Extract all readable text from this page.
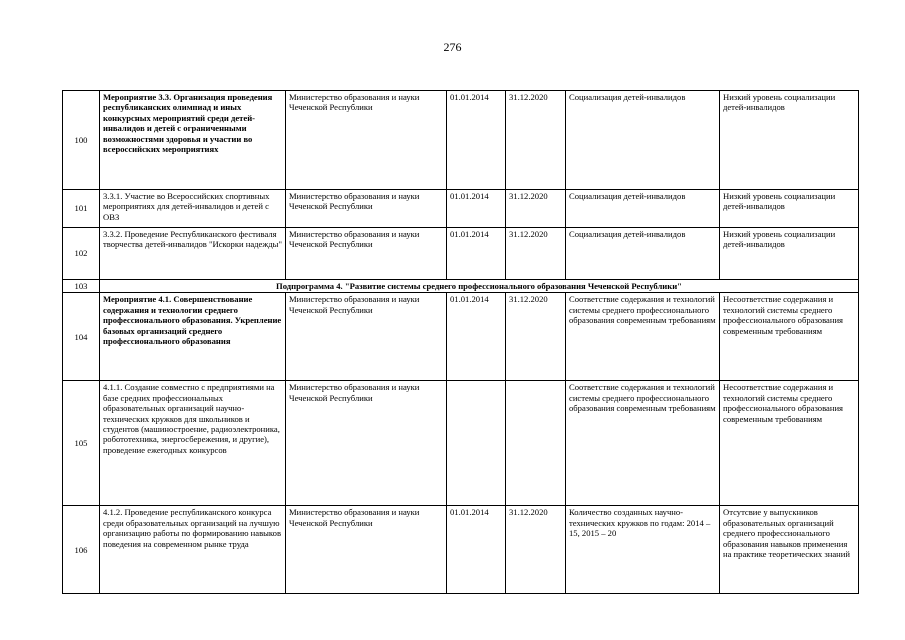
276
100	Мероприятие 3.3. Организация проведения республиканских олимпиад и иных конкурсных мероприятий среди детей-инвалидов и детей с ограниченными возможностями здоровья и участии во всероссийских мероприятиях	Министерство образования и науки Чеченской Республики	01.01.2014	31.12.2020	Социализация детей-инвалидов	Низкий уровень социализации детей-инвалидов
101	3.3.1. Участие во Всероссийских спортивных мероприятиях для детей-инвалидов и детей с ОВЗ	Министерство образования и науки Чеченской Республики	01.01.2014	31.12.2020	Социализация детей-инвалидов	Низкий уровень социализации детей-инвалидов
102	3.3.2. Проведение Республиканского фестиваля творчества детей-инвалидов "Искорки надежды"	Министерство образования и науки Чеченской Республики	01.01.2014	31.12.2020	Социализация детей-инвалидов	Низкий уровень социализации детей-инвалидов
103	Подпрограмма 4. "Развитие системы среднего профессионального образования Чеченской Республики"					
104	Мероприятие 4.1. Совершенствование содержания и технологии среднего профессионального образования. Укрепление базовых организаций среднего профессионального образования	Министерство образования и науки Чеченской Республики	01.01.2014	31.12.2020	Соответствие содержания и технологий системы среднего профессионального образования современным требованиям	Несоответствие содержания и технологий системы среднего профессионального образования современным требованиям
105	4.1.1. Создание совместно с предприятиями на базе средних профессиональных образовательных организаций научно-технических кружков для школьников и студентов (машиностроение, радиоэлектроника, робототехника, энергосбережения, и другие), проведение ежегодных конкурсов	Министерство образования и науки Чеченской Республики			Соответствие содержания и технологий системы среднего профессионального образования современным требованиям	Несоответствие содержания и технологий системы среднего профессионального образования современным требованиям
106	4.1.2. Проведение республиканского конкурса среди образовательных организаций на лучшую организацию работы по формированию навыков поведения на современном рынке труда	Министерство образования и науки Чеченской Республики	01.01.2014	31.12.2020	Количество созданных научно-технических кружков по годам: 2014 – 15, 2015 – 20	Отсутсвие у выпускников образовательных организаций среднего профессионального образования навыков применения на практике теоретических знаний
